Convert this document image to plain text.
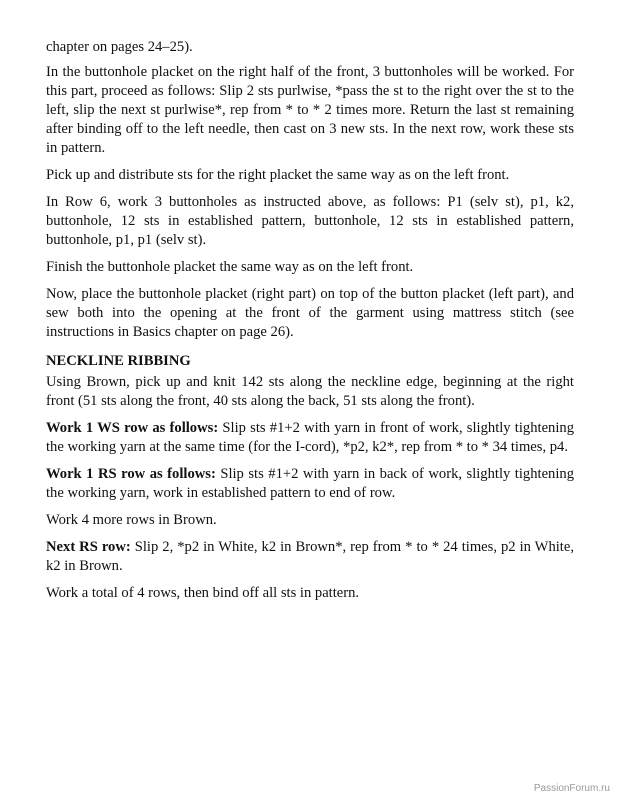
chapter on pages 24–25).

In the buttonhole placket on the right half of the front, 3 buttonholes will be worked. For this part, proceed as follows: Slip 2 sts purlwise, *pass the st to the right over the st to the left, slip the next st purlwise*, rep from * to * 2 times more. Return the last st remaining after binding off to the left needle, then cast on 3 new sts. In the next row, work these sts in pattern.

Pick up and distribute sts for the right placket the same way as on the left front.

In Row 6, work 3 buttonholes as instructed above, as follows: P1 (selv st), p1, k2, buttonhole, 12 sts in established pattern, buttonhole, 12 sts in established pattern, buttonhole, p1, p1 (selv st).

Finish the buttonhole placket the same way as on the left front.

Now, place the buttonhole placket (right part) on top of the button placket (left part), and sew both into the opening at the front of the garment using mattress stitch (see instructions in Basics chapter on page 26).

NECKLINE RIBBING

Using Brown, pick up and knit 142 sts along the neckline edge, beginning at the right front (51 sts along the front, 40 sts along the back, 51 sts along the front).

Work 1 WS row as follows: Slip sts #1+2 with yarn in front of work, slightly tightening the working yarn at the same time (for the I-cord), *p2, k2*, rep from * to * 34 times, p4.

Work 1 RS row as follows: Slip sts #1+2 with yarn in back of work, slightly tightening the working yarn, work in established pattern to end of row.

Work 4 more rows in Brown.

Next RS row: Slip 2, *p2 in White, k2 in Brown*, rep from * to * 24 times, p2 in White, k2 in Brown.

Work a total of 4 rows, then bind off all sts in pattern.

PassionForum.ru
